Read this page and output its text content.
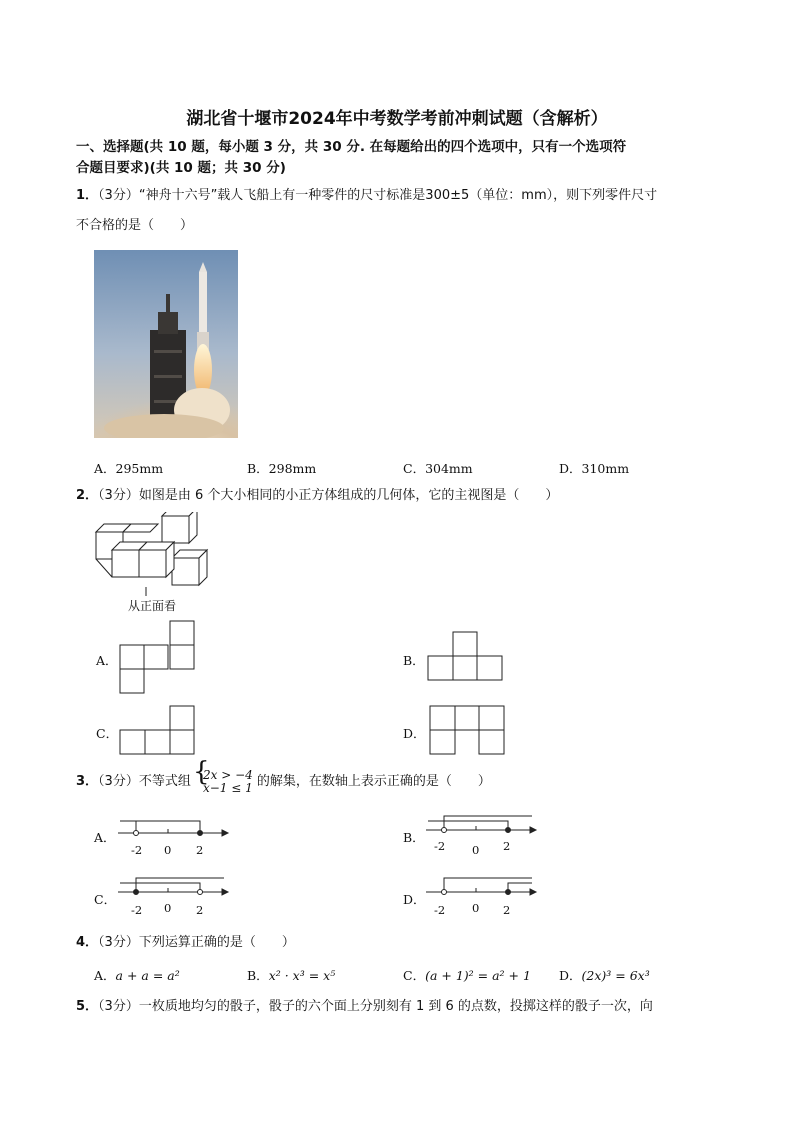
湖北省十堰市2024年中考数学考前冲刺试题（含解析）
一、选择题(共 10 题，每小题 3 分，共 30 分. 在每题给出的四个选项中，只有一个选项符
合题目要求)(共 10 题；共 30 分)
1．（3分）“神舟十六号”载人飞船上有一种零件的尺寸标准是300±5（单位：mm），则下列零件尺寸
不合格的是（　　）
A．295mm	B．298mm	C．304mm	D．310mm
2．（3分）如图是由 6 个大小相同的小正方体组成的几何体，它的主视图是（　　）
从正面看
A．	B．
C．	D．
3．（3分）不等式组
{ 2x > −4
x−1 ≤ 1 的解集，在数轴上表示正确的是（　　）
A．
-2 0 2
B．
-2 0 2
C．
-2 0 2
D．
-2 0 2
4．（3分）下列运算正确的是（　　）
A．a + a = a²	B．x² · x³ = x⁵	C．(a + 1)² = a² + 1 D．(2x)³ = 6x³
5．（3分）一枚质地均匀的骰子，骰子的六个面上分别刻有 1 到 6 的点数，投掷这样的骰子一次，向
